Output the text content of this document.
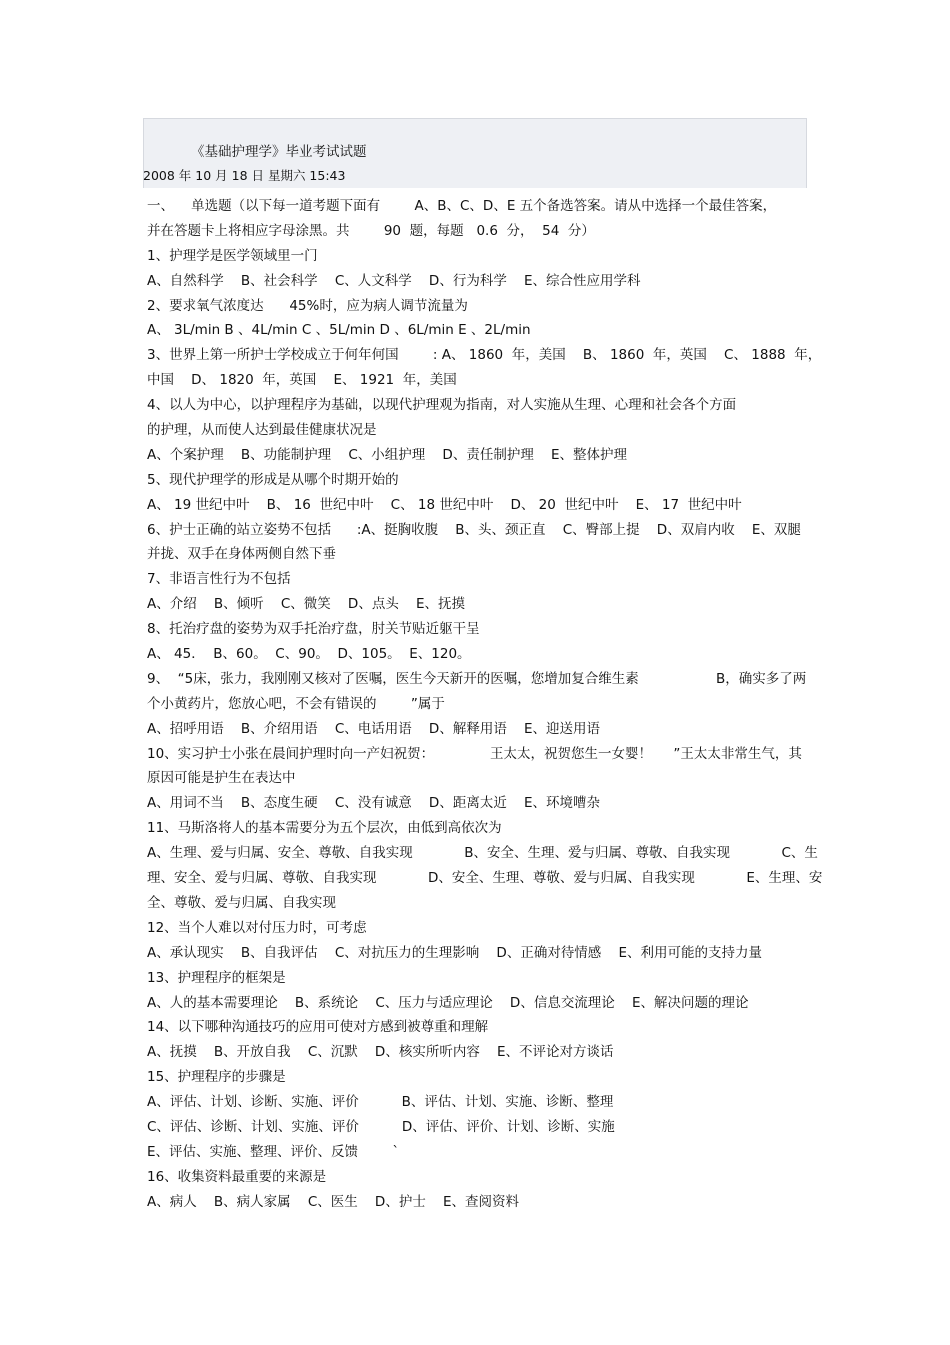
《基础护理学》毕业考试试题
2008 年 10 月 18 日 星期六 15:43
一、    单选题（以下每一道考题下面有        A、B、C、D、E 五个备选答案。请从中选择一个最佳答案，
并在答题卡上将相应字母涂黑。共        90  题，每题   0.6  分，  54  分）
1、护理学是医学领域里一门
A、自然科学    B、社会科学    C、人文科学    D、行为科学    E、综合性应用学科
2、要求氧气浓度达      45%时，应为病人调节流量为
A、 3L/min B 、4L/min C 、5L/min D 、6L/min E 、2L/min
3、世界上第一所护士学校成立于何年何国        : A、 1860  年，美国    B、 1860  年，英国    C、 1888  年，
中国    D、 1820  年，英国    E、 1921  年，美国
4、以人为中心，以护理程序为基础，以现代护理观为指南，对人实施从生理、心理和社会各个方面
的护理，从而使人达到最佳健康状况是
A、个案护理    B、功能制护理    C、小组护理    D、责任制护理    E、整体护理
5、现代护理学的形成是从哪个时期开始的
A、 19 世纪中叶    B、 16  世纪中叶    C、 18 世纪中叶    D、 20  世纪中叶    E、 17  世纪中叶
6、护士正确的站立姿势不包括      :A、挺胸收腹    B、头、颈正直    C、臀部上提    D、双肩内收    E、双腿
并拢、双手在身体两侧自然下垂
7、非语言性行为不包括
A、介绍    B、倾听    C、微笑    D、点头    E、抚摸
8、托治疗盘的姿势为双手托治疗盘，肘关节贴近躯干呈
A、 45．  B、60。  C、90。  D、105。  E、120。
9、  “5床，张力，我刚刚又核对了医嘱，医生今天新开的医嘱，您增加复合维生素                  B，确实多了两
个小黄药片，您放心吧，不会有错误的        ”属于
A、招呼用语    B、介绍用语    C、电话用语    D、解释用语    E、迎送用语
10、实习护士小张在晨间护理时向一产妇祝贺：             王太太，祝贺您生一女婴！     ”王太太非常生气，其
原因可能是护生在表达中
A、用词不当    B、态度生硬    C、没有诚意    D、距离太近    E、环境嘈杂
11、马斯洛将人的基本需要分为五个层次，由低到高依次为
A、生理、爱与归属、安全、尊敬、自我实现            B、安全、生理、爱与归属、尊敬、自我实现            C、生
理、安全、爱与归属、尊敬、自我实现            D、安全、生理、尊敬、爱与归属、自我实现            E、生理、安
全、尊敬、爱与归属、自我实现
12、当个人难以对付压力时，可考虑
A、承认现实    B、自我评估    C、对抗压力的生理影响    D、正确对待情感    E、利用可能的支持力量
13、护理程序的框架是
A、人的基本需要理论    B、系统论    C、压力与适应理论    D、信息交流理论    E、解决问题的理论
14、以下哪种沟通技巧的应用可使对方感到被尊重和理解
A、抚摸    B、开放自我    C、沉默    D、核实所听内容    E、不评论对方谈话
15、护理程序的步骤是
A、评估、计划、诊断、实施、评价          B、评估、计划、实施、诊断、整理
C、评估、诊断、计划、实施、评价          D、评估、评价、计划、诊断、实施
E、评估、实施、整理、评价、反馈        `
16、收集资料最重要的来源是
A、病人    B、病人家属    C、医生    D、护士    E、查阅资料
